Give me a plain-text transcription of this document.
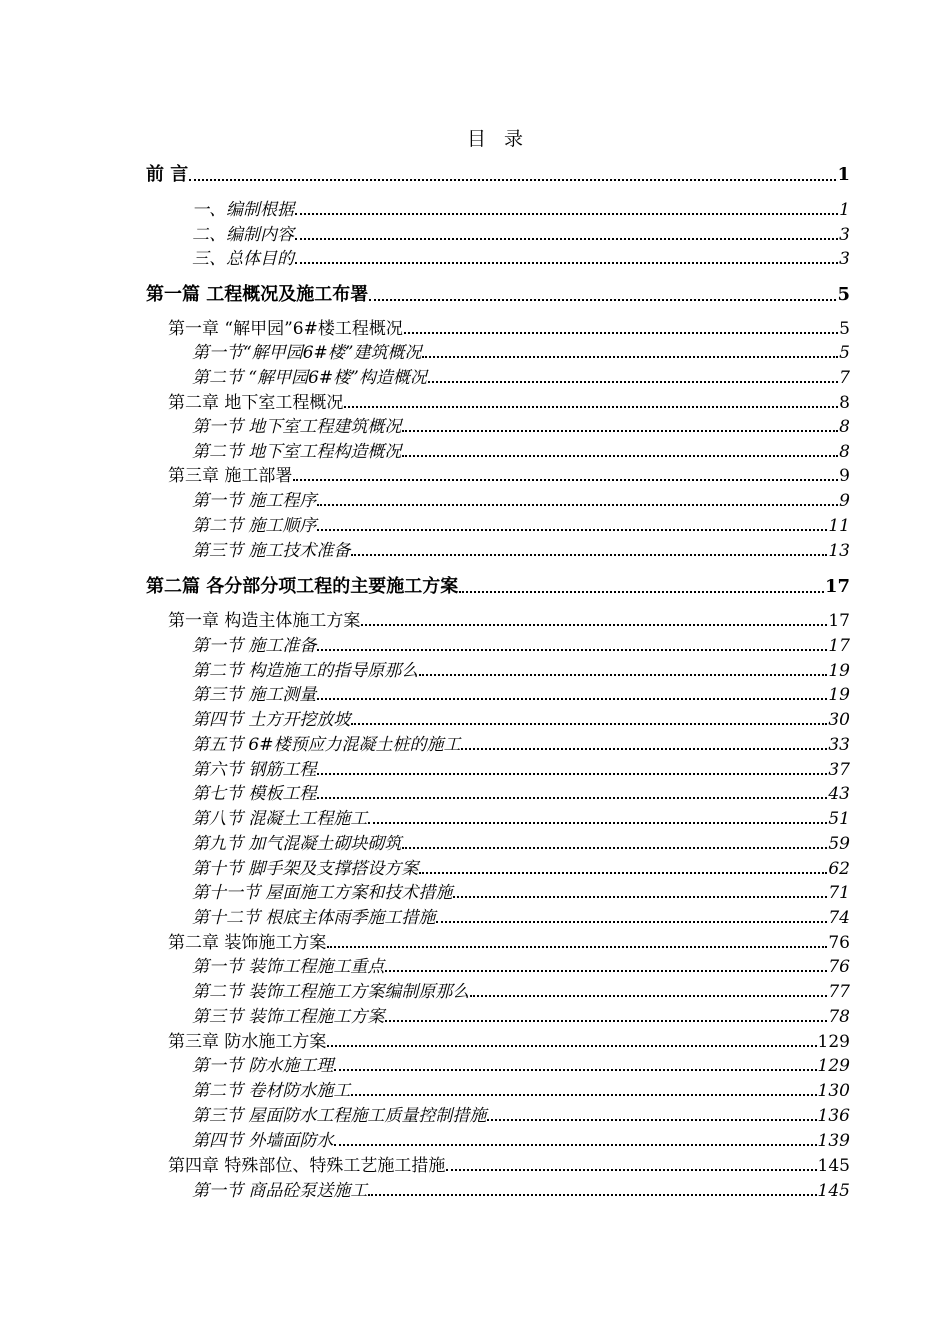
目 录
前 言	1
一、编制根据	1
二、编制内容	3
三、总体目的	3
第一篇 工程概况及施工布署	5
第一章 “解甲园”6#楼工程概况	5
第一节“解甲园6#楼”建筑概况	5
第二节 “解甲园6#楼”构造概况	7
第二章 地下室工程概况	8
第一节 地下室工程建筑概况	8
第二节 地下室工程构造概况	8
第三章 施工部署	9
第一节 施工程序	9
第二节 施工顺序	11
第三节 施工技术准备	13
第二篇 各分部分项工程的主要施工方案	17
第一章 构造主体施工方案	17
第一节 施工准备	17
第二节 构造施工的指导原那么	19
第三节 施工测量	19
第四节 土方开挖放坡	30
第五节 6#楼预应力混凝土桩的施工	33
第六节 钢筋工程	37
第七节 模板工程	43
第八节 混凝土工程施工	51
第九节 加气混凝土砌块砌筑	59
第十节 脚手架及支撑搭设方案	62
第十一节 屋面施工方案和技术措施	71
第十二节 根底主体雨季施工措施	74
第二章 装饰施工方案	76
第一节 装饰工程施工重点	76
第二节 装饰工程施工方案编制原那么	77
第三节 装饰工程施工方案	78
第三章 防水施工方案	129
第一节 防水施工理	129
第二节 卷材防水施工	130
第三节 屋面防水工程施工质量控制措施	136
第四节 外墙面防水	139
第四章 特殊部位、特殊工艺施工措施	145
第一节 商品砼泵送施工	145
